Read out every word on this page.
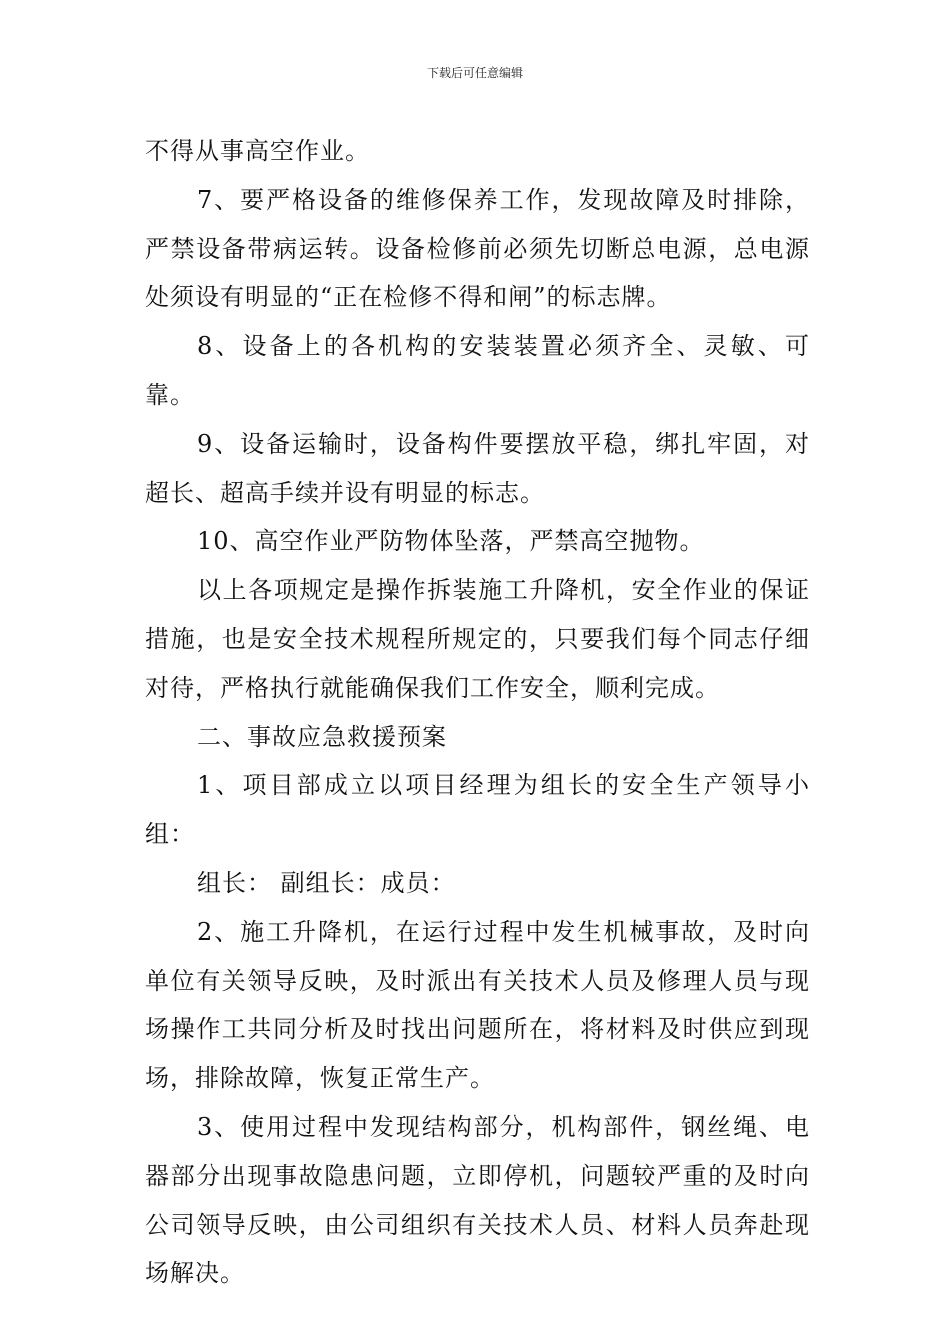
下载后可任意编辑

不得从事高空作业。

7、要严格设备的维修保养工作，发现故障及时排除，严禁设备带病运转。设备检修前必须先切断总电源，总电源处须设有明显的“正在检修不得和闸”的标志牌。

8、设备上的各机构的安装装置必须齐全、灵敏、可靠。

9、设备运输时，设备构件要摆放平稳，绑扎牢固，对超长、超高手续并设有明显的标志。

10、高空作业严防物体坠落，严禁高空抛物。

以上各项规定是操作拆装施工升降机，安全作业的保证措施，也是安全技术规程所规定的，只要我们每个同志仔细对待，严格执行就能确保我们工作安全，顺利完成。

二、事故应急救援预案

1、项目部成立以项目经理为组长的安全生产领导小组：

组长： 副组长：成员：

2、施工升降机，在运行过程中发生机械事故，及时向单位有关领导反映，及时派出有关技术人员及修理人员与现场操作工共同分析及时找出问题所在，将材料及时供应到现场，排除故障，恢复正常生产。

3、使用过程中发现结构部分，机构部件，钢丝绳、电器部分出现事故隐患问题，立即停机，问题较严重的及时向公司领导反映，由公司组织有关技术人员、材料人员奔赴现场解决。
